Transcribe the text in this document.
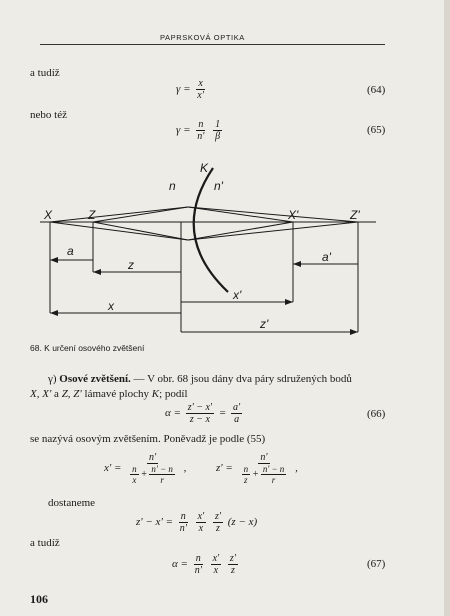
PAPRSKOVÁ OPTIKA
a tudíž
$\gamma = \frac{x}{x'}$	(64)
nebo též
$\gamma = \frac{n}{n'}$
$\frac{1}{\beta}$	(65)
K
n	n'
X	Z	X'	Z'
a
z
a'
x'
x
z'
68. K určení osového zvětšení
γ) Osové zvětšení. — V obr. 68 jsou dány dva páry sdružených bodů
X, X' a Z, Z' lámavé plochy K; podíl
$\alpha = \frac{z' - x'}{z - x} = \frac{a'}{a}$	(66)
se nazývá osovým zvětšením. Poněvadž je podle (55)
$x' = \frac{n'}{\frac{n}{x} + \frac{n' - n}{r}}$ ,	$z' = \frac{n'}{\frac{n}{z} + \frac{n' - n}{r}}$ ,
dostaneme
$z' - x' = \frac{n}{n'}$
$\frac{x'}{x}$
$\frac{z'}{z} (z - x)$
a tudíž
$\alpha = \frac{n}{n'}$
$\frac{x'}{x}$
$\frac{z'}{z}$	(67)
106
